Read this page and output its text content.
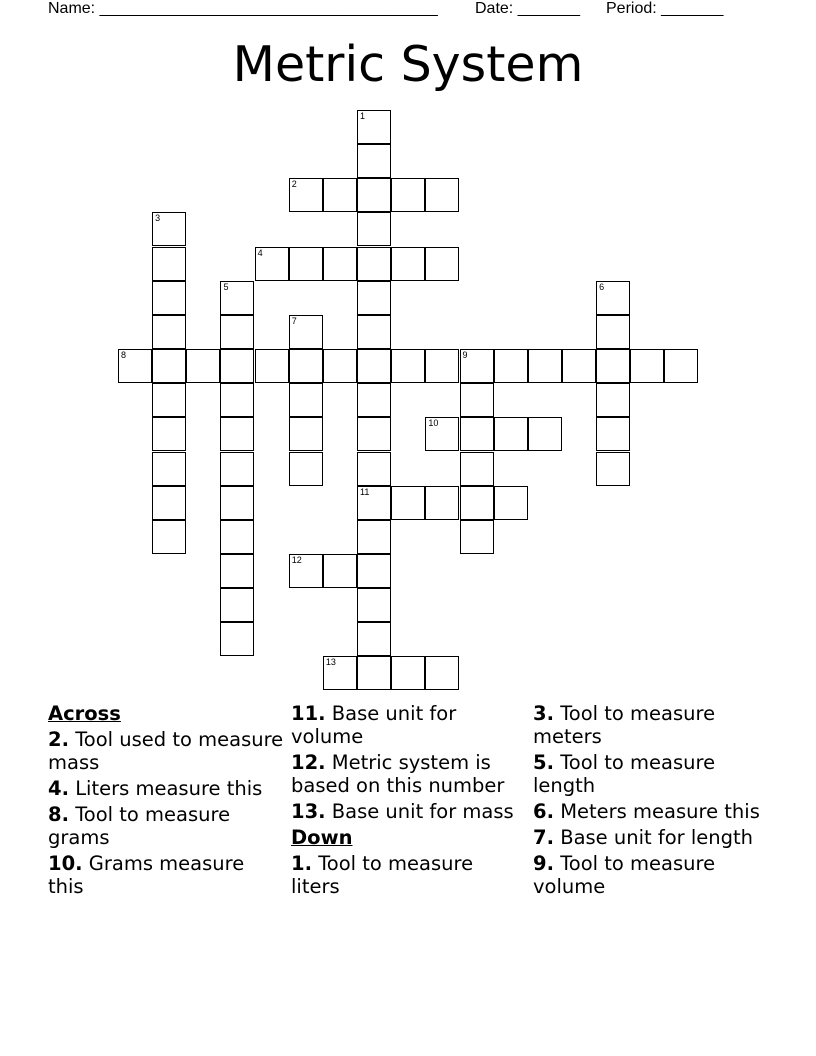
Name: ______________________________________

Date: _______

Period: _______

Metric System
1
11
2
3
4
5	6
7
8	9
10
12
13
Across
2. Tool used to measure mass
4. Liters measure this
8. Tool to measure grams
10. Grams measure this
11. Base unit for volume
12. Metric system is based on this number
13. Base unit for mass
Down
1. Tool to measure liters
3. Tool to measure meters
5. Tool to measure length
6. Meters measure this
7. Base unit for length
9. Tool to measure volume
